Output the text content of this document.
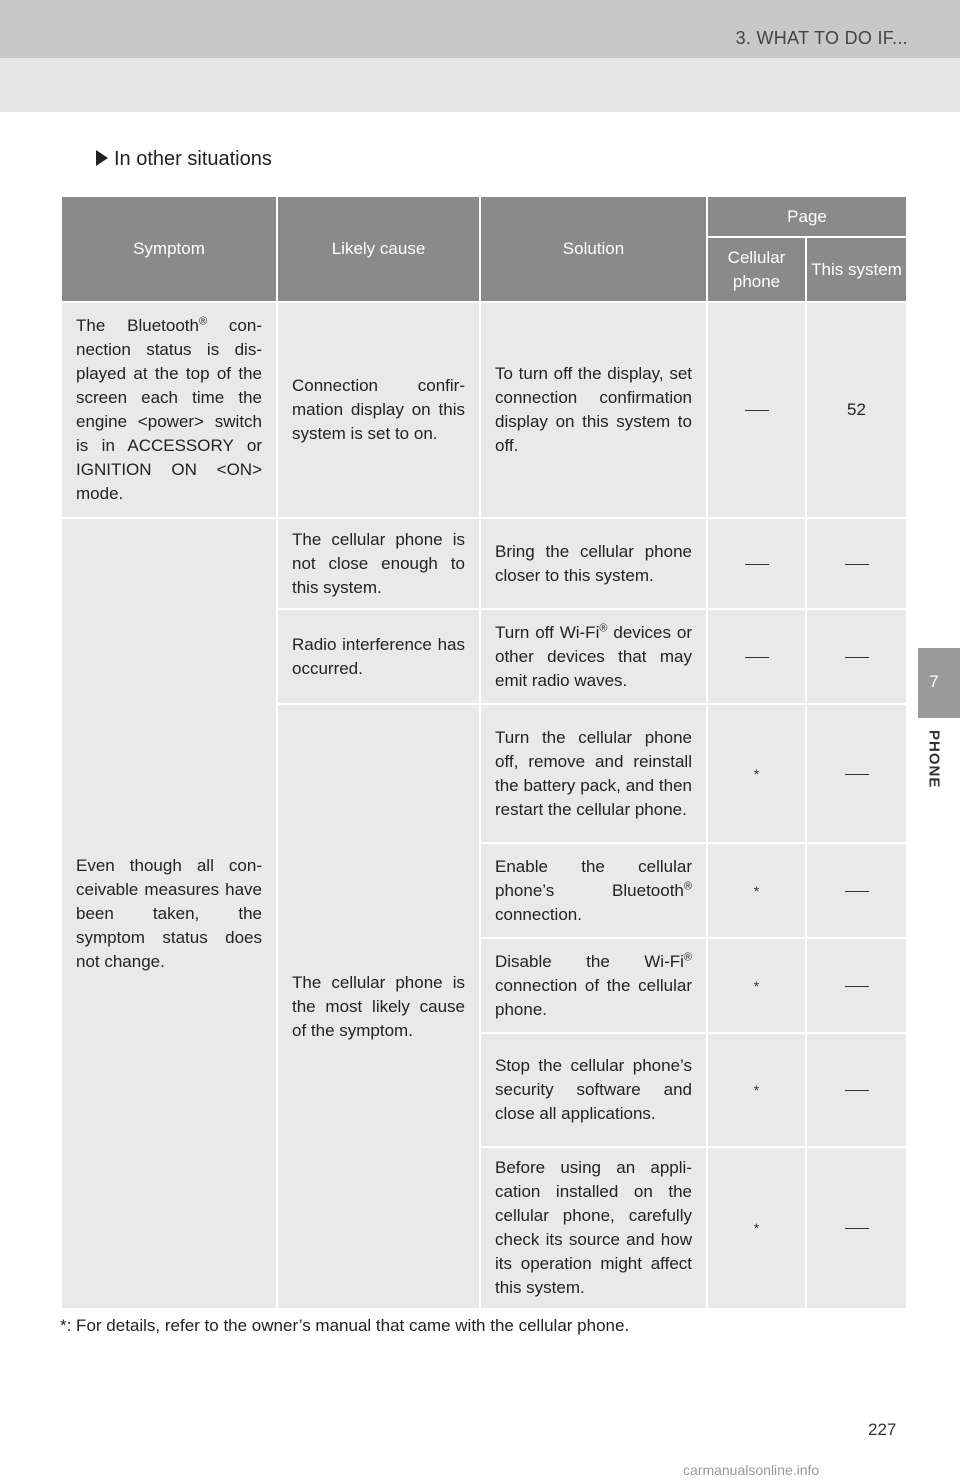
3. WHAT TO DO IF...
7
PHONE
In other situations
Symptom	Likely cause	Solution	Page	
			Cellular phone	This system
The Bluetooth® connection status is displayed at the top of the screen each time the engine <power> switch is in ACCESSORY or IGNITION ON <ON> mode.	Connection confirmation display on this system is set to on.	To turn off the display, set connection confirmation display on this system to off.		52
Even though all conceivable measures have been taken, the symptom status does not change.	The cellular phone is not close enough to this system.	Bring the cellular phone closer to this system.		
	Radio interference has occurred.	Turn off Wi-Fi® devices or other devices that may emit radio waves.		
	The cellular phone is the most likely cause of the symptom.	Turn the cellular phone off, remove and reinstall the battery pack, and then restart the cellular phone.	*	
		Enable the cellular phone’s Bluetooth® connection.	*	
		Disable the Wi-Fi® connection of the cellular phone.	*	
		Stop the cellular phone’s security software and close all applications.	*	
		Before using an application installed on the cellular phone, carefully check its source and how its operation might affect this system.	*	
*: For details, refer to the owner’s manual that came with the cellular phone.
227
carmanualsonline.info
